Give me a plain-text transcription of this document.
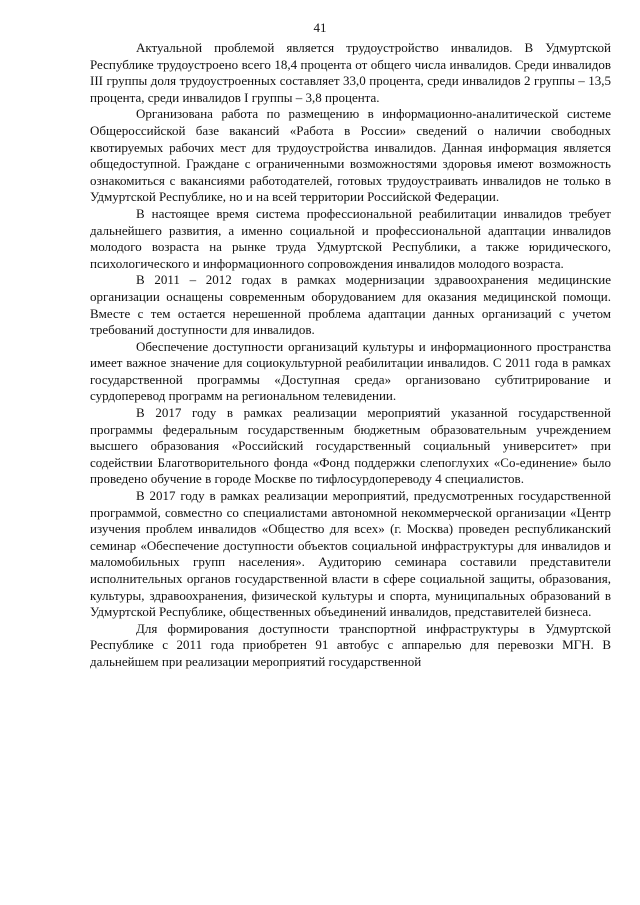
41

Актуальной проблемой является трудоустройство инвалидов. В Удмуртской Республике трудоустроено всего 18,4 процента от общего числа инвалидов. Среди инвалидов III группы доля трудоустроенных составляет 33,0 процента, среди инвалидов 2 группы – 13,5 процента, среди инвалидов I группы – 3,8 процента.

Организована работа по размещению в информационно-аналитической системе Общероссийской базе вакансий «Работа в России» сведений о наличии свободных квотируемых рабочих мест для трудоустройства инвалидов. Данная информация является общедоступной. Граждане с ограниченными возможностями здоровья имеют возможность ознакомиться с вакансиями работодателей, готовых трудоустраивать инвалидов не только в Удмуртской Республике, но и на всей территории Российской Федерации.

В настоящее время система профессиональной реабилитации инвалидов требует дальнейшего развития, а именно социальной и профессиональной адаптации инвалидов молодого возраста на рынке труда Удмуртской Республики, а также юридического, психологического и информационного сопровождения инвалидов молодого возраста.

В 2011 – 2012 годах в рамках модернизации здравоохранения медицинские организации оснащены современным оборудованием для оказания медицинской помощи. Вместе с тем остается нерешенной проблема адаптации данных организаций с учетом требований доступности для инвалидов.

Обеспечение доступности организаций культуры и информационного пространства имеет важное значение для социокультурной реабилитации инвалидов. С 2011 года в рамках государственной программы «Доступная среда» организовано субтитрирование и сурдоперевод программ на региональном телевидении.

В 2017 году в рамках реализации мероприятий указанной государственной программы федеральным государственным бюджетным образовательным учреждением высшего образования «Российский государственный социальный университет» при содействии Благотворительного фонда «Фонд поддержки слепоглухих «Со-единение» было проведено обучение в городе Москве по тифлосурдопереводу 4 специалистов.

В 2017 году в рамках реализации мероприятий, предусмотренных государственной программой, совместно со специалистами автономной некоммерческой организации «Центр изучения проблем инвалидов «Общество для всех» (г. Москва) проведен республиканский семинар «Обеспечение доступности объектов социальной инфраструктуры для инвалидов и маломобильных групп населения». Аудиторию семинара составили представители исполнительных органов государственной власти в сфере социальной защиты, образования, культуры, здравоохранения, физической культуры и спорта, муниципальных образований в Удмуртской Республике, общественных объединений инвалидов, представителей бизнеса.

Для формирования доступности транспортной инфраструктуры в Удмуртской Республике с 2011 года приобретен 91 автобус с аппарелью для перевозки МГН. В дальнейшем при реализации мероприятий государственной
